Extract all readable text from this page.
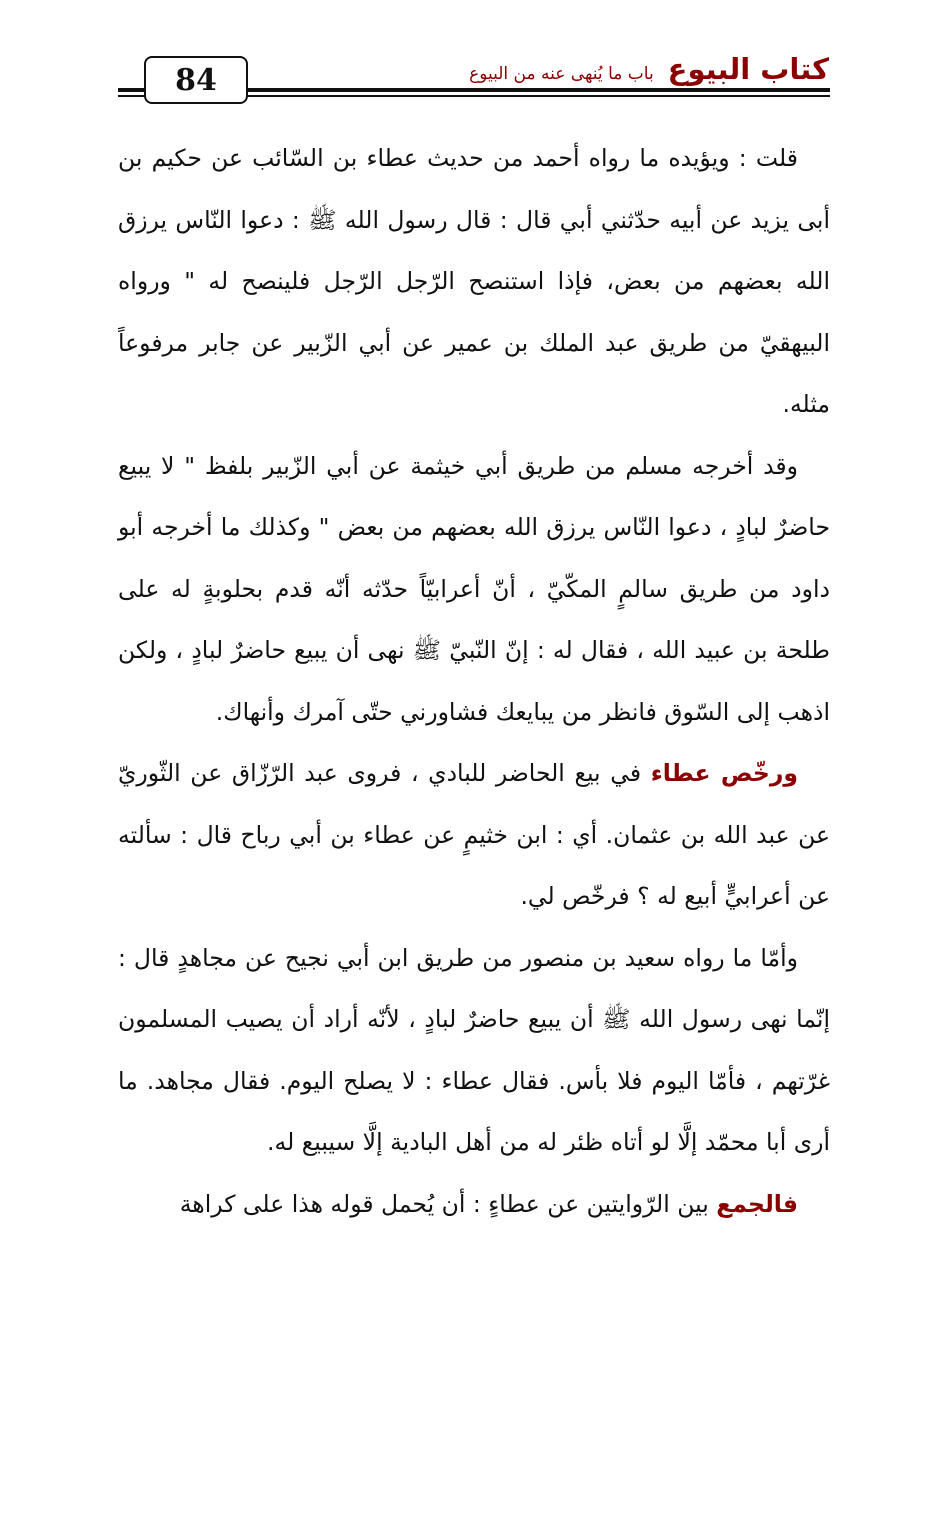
84	كتاب البيوع
باب ما يُنهى عنه من البيوع

قلت : ويؤيده ما رواه أحمد من حديث عطاء بن السّائب عن حكيم بن أبى يزيد عن أبيه حدّثني أبي قال : قال رسول الله ﷺ : دعوا النّاس يرزق الله بعضهم من بعض، فإذا استنصح الرّجل الرّجل فلينصح له " ورواه البيهقيّ من طريق عبد الملك بن عمير عن أبي الزّبير عن جابر مرفوعاً مثله.

وقد أخرجه مسلم من طريق أبي خيثمة عن أبي الزّبير بلفظ " لا يبيع حاضرٌ لبادٍ ، دعوا النّاس يرزق الله بعضهم من بعض " وكذلك ما أخرجه أبو داود من طريق سالمٍ المكّيّ ، أنّ أعرابيّاً حدّثه أنّه قدم بحلوبةٍ له على طلحة بن عبيد الله ، فقال له : إنّ النّبيّ ﷺ نهى أن يبيع حاضرٌ لبادٍ ، ولكن اذهب إلى السّوق فانظر من يبايعك فشاورني حتّى آمرك وأنهاك.

ورخّص عطاء في بيع الحاضر للبادي ، فروى عبد الرّزّاق عن الثّوريّ عن عبد الله بن عثمان. أي : ابن خثيمٍ عن عطاء بن أبي رباح قال : سألته عن أعرابيٍّ أبيع له ؟ فرخّص لي.

وأمّا ما رواه سعيد بن منصور من طريق ابن أبي نجيح عن مجاهدٍ قال : إنّما نهى رسول الله ﷺ أن يبيع حاضرٌ لبادٍ ، لأنّه أراد أن يصيب المسلمون غرّتهم ، فأمّا اليوم فلا بأس. فقال عطاء : لا يصلح اليوم. فقال مجاهد. ما أرى أبا محمّد إلَّا لو أتاه ظئر له من أهل البادية إلَّا سيبيع له.

فالجمع بين الرّوايتين عن عطاءٍ : أن يُحمل قوله هذا على كراهة
